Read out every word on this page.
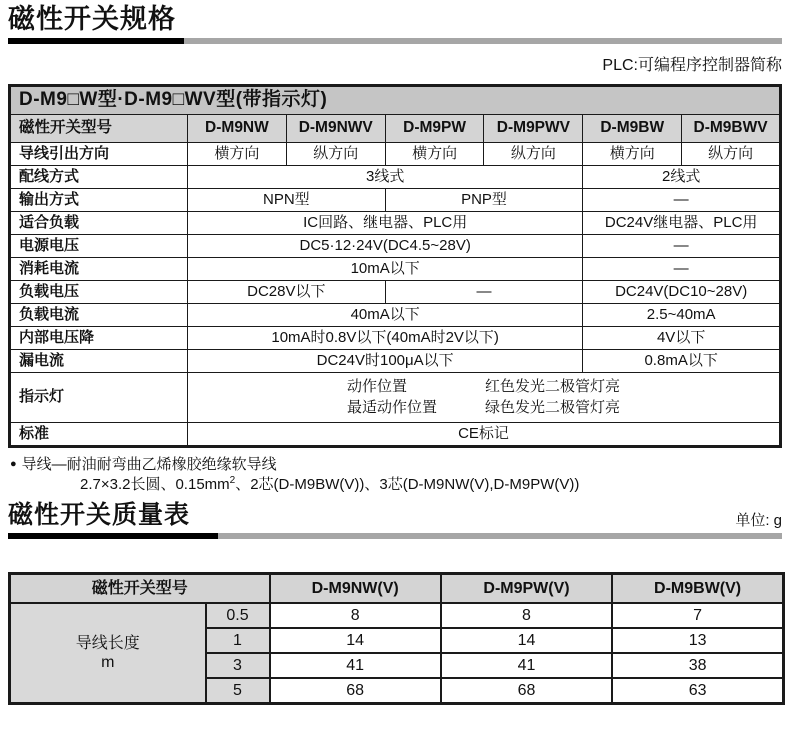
磁性开关规格
PLC:可编程序控制器简称
D-M9□W型·D-M9□WV型(带指示灯)						
磁性开关型号	D-M9NW	D-M9NWV	D-M9PW	D-M9PWV	D-M9BW	D-M9BWV
导线引出方向	横方向	纵方向	横方向	纵方向	横方向	纵方向
配线方式	3线式				2线式	
输出方式	NPN型		PNP型		—	
适合负载	IC回路、继电器、PLC用				DC24V继电器、PLC用	
电源电压	DC5·12·24V(DC4.5~28V)				—	
消耗电流	10mA以下				—	
负载电压	DC28V以下		—		DC24V(DC10~28V)	
负载电流	40mA以下				2.5~40mA	
内部电压降	10mA时0.8V以下(40mA时2V以下)				4V以下	
漏电流	DC24V时100μA以下				0.8mA以下	
指示灯	动作位置 红色发光二极管灯亮
最适动作位置 绿色发光二极管灯亮					

标准	CE标记					
● 导线—耐油耐弯曲乙烯橡胶绝缘软导线
2.7×3.2长圆、$0.15mm^2$、2芯(D-M9BW(V))、3芯(D-M9NW(V),D-M9PW(V))
磁性开关质量表	单位: g
磁性开关型号		D-M9NW(V)	D-M9PW(V)	D-M9BW(V)

导线长度
m	0.5	8	8	7
	1	14	14	13
	3	41	41	38
	5	68	68	63
